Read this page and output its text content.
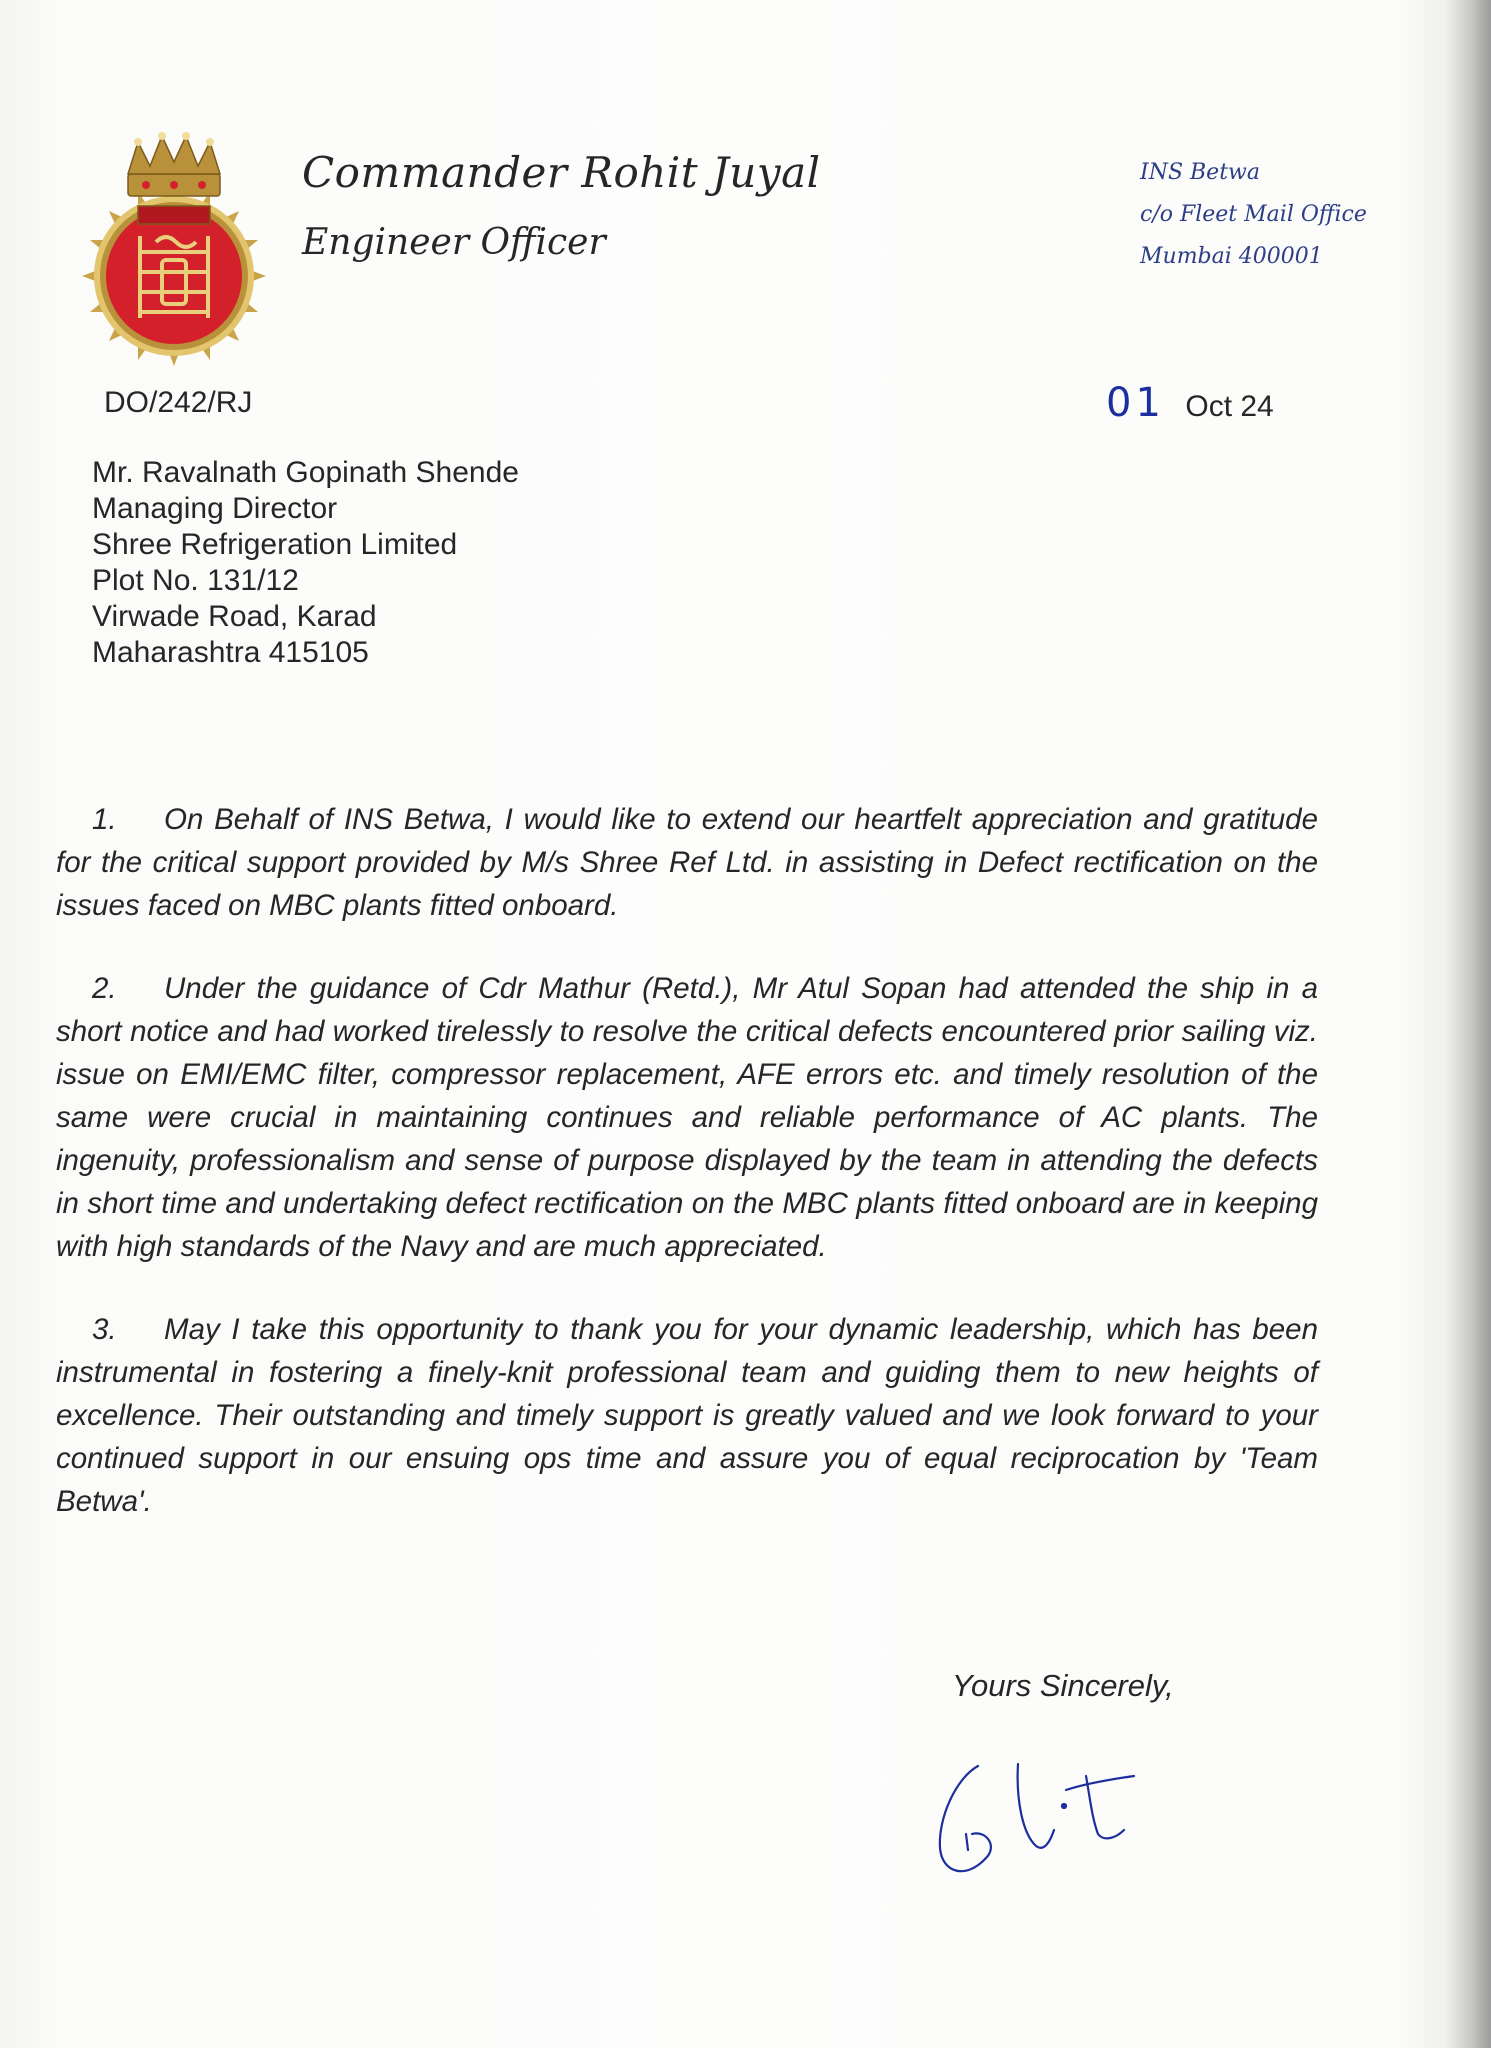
Commander Rohit Juyal
Engineer Officer
INS Betwa
c/o Fleet Mail Office
Mumbai 400001
DO/242/RJ	01 Oct 24
Mr. Ravalnath Gopinath Shende
Managing Director
Shree Refrigeration Limited
Plot No. 131/12
Virwade Road, Karad
Maharashtra 415105

1. On Behalf of INS Betwa, I would like to extend our heartfelt appreciation and gratitude for the critical support provided by M/s Shree Ref Ltd. in assisting in Defect rectification on the issues faced on MBC plants fitted onboard.

2. Under the guidance of Cdr Mathur (Retd.), Mr Atul Sopan had attended the ship in a short notice and had worked tirelessly to resolve the critical defects encountered prior sailing viz. issue on EMI/EMC filter, compressor replacement, AFE errors etc. and timely resolution of the same were crucial in maintaining continues and reliable performance of AC plants. The ingenuity, professionalism and sense of purpose displayed by the team in attending the defects in short time and undertaking defect rectification on the MBC plants fitted onboard are in keeping with high standards of the Navy and are much appreciated.

3. May I take this opportunity to thank you for your dynamic leadership, which has been instrumental in fostering a finely-knit professional team and guiding them to new heights of excellence. Their outstanding and timely support is greatly valued and we look forward to your continued support in our ensuing ops time and assure you of equal reciprocation by 'Team Betwa'.

Yours Sincerely,
